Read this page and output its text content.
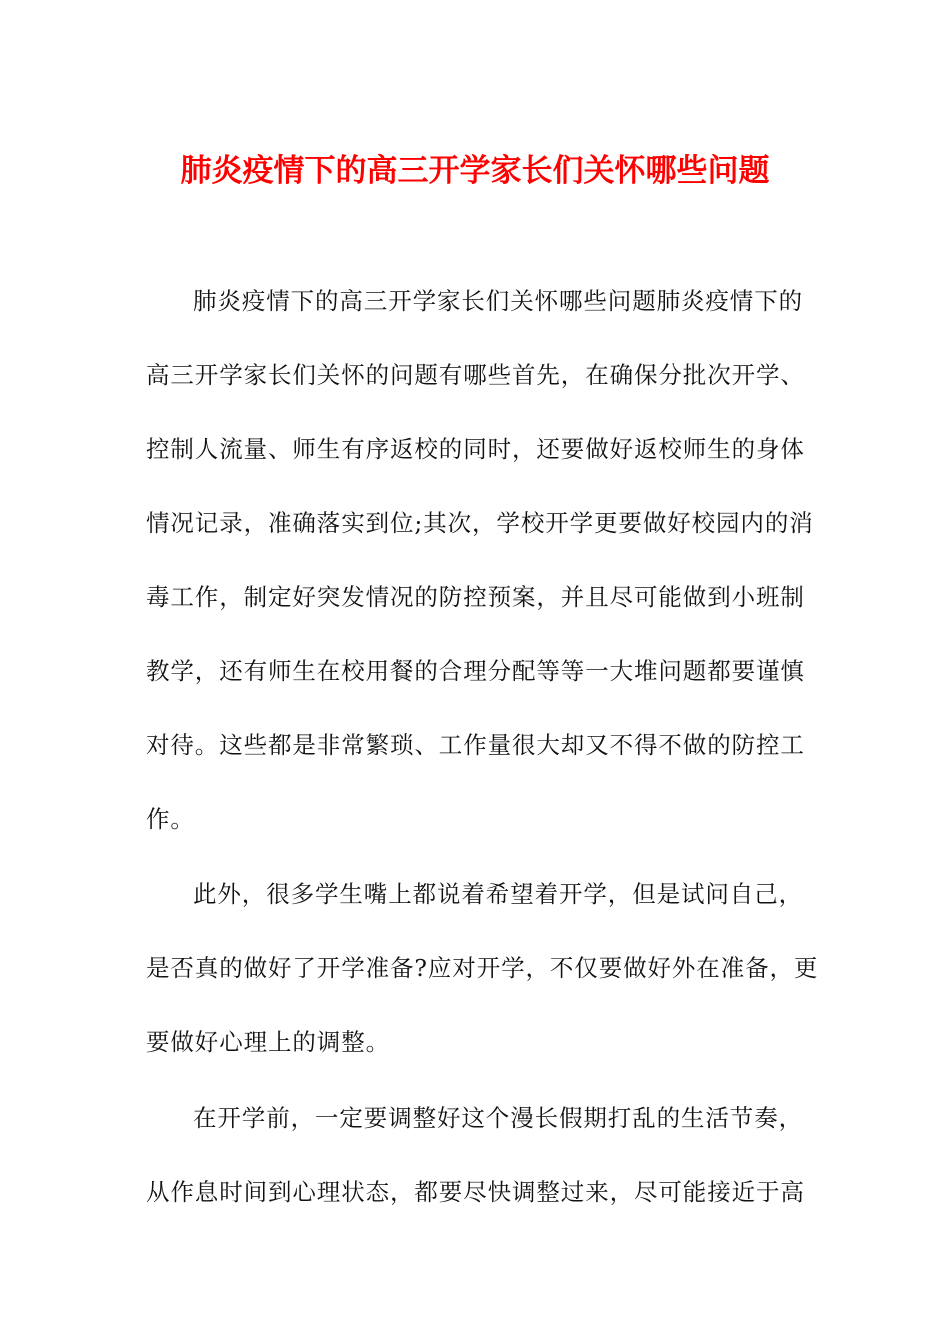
肺炎疫情下的高三开学家长们关怀哪些问题
肺炎疫情下的高三开学家长们关怀哪些问题肺炎疫情下的
高三开学家长们关怀的问题有哪些首先，在确保分批次开学、
控制人流量、师生有序返校的同时，还要做好返校师生的身体
情况记录，准确落实到位;其次，学校开学更要做好校园内的消
毒工作，制定好突发情况的防控预案，并且尽可能做到小班制
教学，还有师生在校用餐的合理分配等等一大堆问题都要谨慎
对待。这些都是非常繁琐、工作量很大却又不得不做的防控工
作。
此外，很多学生嘴上都说着希望着开学，但是试问自己，
是否真的做好了开学准备?应对开学，不仅要做好外在准备，更
要做好心理上的调整。
在开学前，一定要调整好这个漫长假期打乱的生活节奏，
从作息时间到心理状态，都要尽快调整过来，尽可能接近于高
